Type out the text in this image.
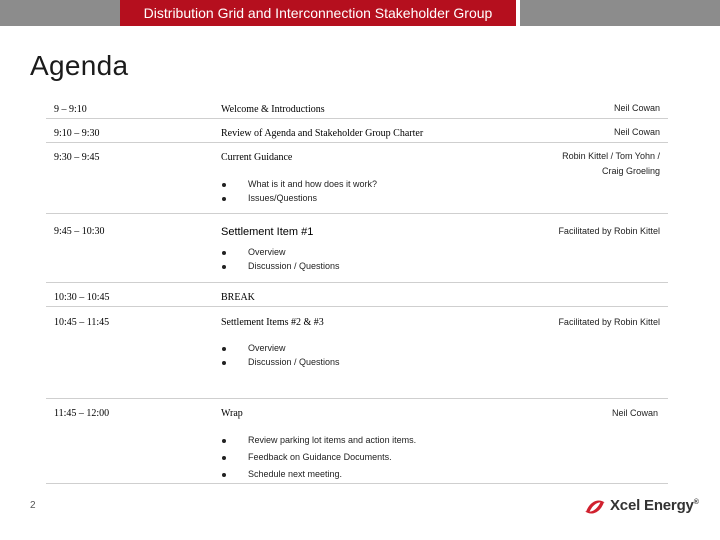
Distribution Grid and Interconnection Stakeholder Group
Agenda
9 – 9:10	Welcome & Introductions	Neil Cowan
9:10 – 9:30	Review of Agenda and Stakeholder Group Charter	Neil Cowan
9:30 – 9:45	Current Guidance	Robin Kittel / Tom Yohn /
Craig Groeling
What is it and how does it work?
Issues/Questions
9:45 – 10:30	Settlement Item #1	Facilitated by Robin Kittel
Overview
Discussion / Questions
10:30 – 10:45	BREAK
10:45 – 11:45	Settlement Items #2 & #3	Facilitated by Robin Kittel
Overview
Discussion / Questions
11:45 – 12:00	Wrap	Neil Cowan
Review parking lot items and action items.
Feedback on Guidance Documents.
Schedule next meeting.
2	Xcel Energy®
